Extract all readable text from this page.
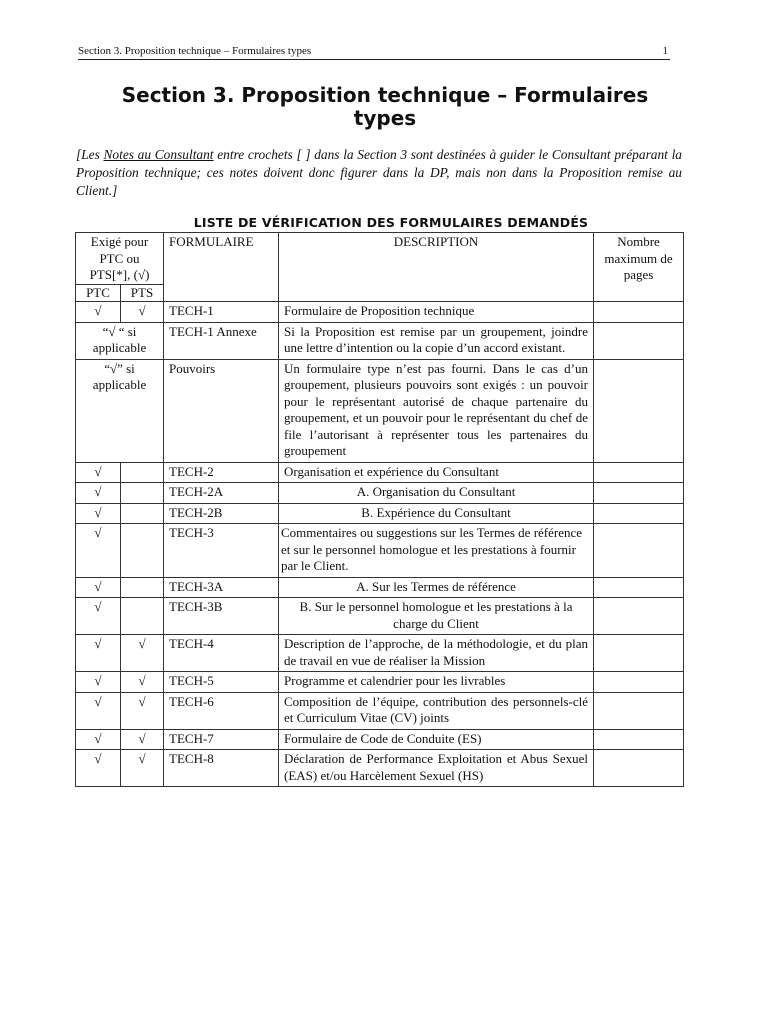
Section 3. Proposition technique – Formulaires types	1
Section 3. Proposition technique – Formulaires
types
[Les Notes au Consultant entre crochets [ ] dans la Section 3 sont destinées à guider le Consultant préparant la Proposition technique; ces notes doivent donc figurer dans la DP, mais non dans la Proposition remise au Client.]
LISTE DE VÉRIFICATION DES FORMULAIRES DEMANDÉS
Exigé pour PTC ou PTS[*], (√)		FORMULAIRE	DESCRIPTION	Nombre maximum de pages
PTC	PTS			
√	√	TECH-1	Formulaire de Proposition technique	
“√ “ si applicable		TECH-1 Annexe	Si la Proposition est remise par un groupement, joindre une lettre d’intention ou la copie d’un accord existant.	
“√” si applicable		Pouvoirs	Un formulaire type n’est pas fourni. Dans le cas d’un groupement, plusieurs pouvoirs sont exigés : un pouvoir pour le représentant autorisé de chaque partenaire du groupement, et un pouvoir pour le représentant du chef de file l’autorisant à représenter tous les partenaires du groupement	
√		TECH-2	Organisation et expérience du Consultant	
√		TECH-2A	A. Organisation du Consultant	
√		TECH-2B	B. Expérience du Consultant	
√		TECH-3	Commentaires ou suggestions sur les Termes de référence et sur le personnel homologue et les prestations à fournir par le Client.	
√		TECH-3A	A. Sur les Termes de référence	
√		TECH-3B	B. Sur le personnel homologue et les prestations à la charge du Client	
√	√	TECH-4	Description de l’approche, de la méthodologie, et du plan de travail en vue de réaliser la Mission	
√	√	TECH-5	Programme et calendrier pour les livrables	
√	√	TECH-6	Composition de l’équipe, contribution des personnels-clé et Curriculum Vitae (CV) joints	
√	√	TECH-7	Formulaire de Code de Conduite (ES)	
√	√	TECH-8	Déclaration de Performance Exploitation et Abus Sexuel (EAS) et/ou Harcèlement Sexuel (HS)	
